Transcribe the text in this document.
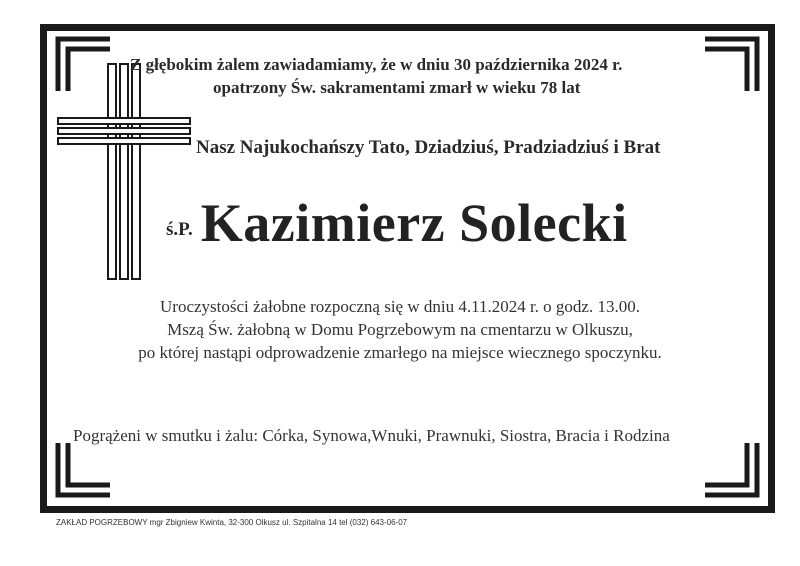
Z głębokim żalem zawiadamiamy, że w dniu 30 października 2024 r.

opatrzony Św. sakramentami zmarł w wieku 78 lat

Nasz Najukochańszy Tato, Dziadziuś, Pradziadziuś i Brat

ś.P. Kazimierz Solecki

Uroczystości żałobne rozpoczną się w dniu 4.11.2024 r. o godz. 13.00.

Mszą Św. żałobną w Domu Pogrzebowym na cmentarzu w Olkuszu,

po której nastąpi odprowadzenie zmarłego na miejsce wiecznego spoczynku.

Pogrążeni w smutku i żalu: Córka, Synowa,Wnuki, Prawnuki, Siostra, Bracia i Rodzina

ZAKŁAD POGRZEBOWY mgr Zbigniew Kwinta, 32-300 Olkusz ul. Szpitalna 14 tel (032) 643-06-07
